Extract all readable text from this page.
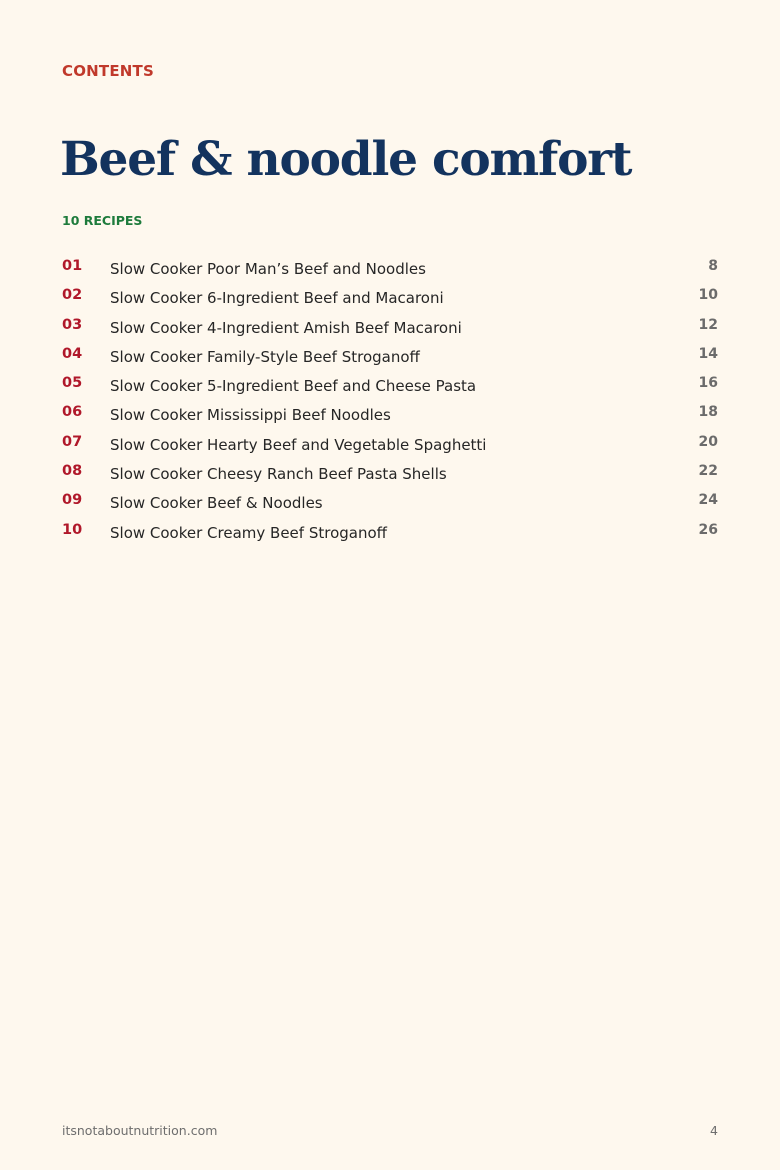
CONTENTS
Beef & noodle comfort
10 RECIPES
01 Slow Cooker Poor Man’s Beef and Noodles	8
02 Slow Cooker 6-Ingredient Beef and Macaroni	10
03 Slow Cooker 4-Ingredient Amish Beef Macaroni	12
04 Slow Cooker Family-Style Beef Stroganoff	14
05 Slow Cooker 5-Ingredient Beef and Cheese Pasta	16
06 Slow Cooker Mississippi Beef Noodles	18
07 Slow Cooker Hearty Beef and Vegetable Spaghetti	20
08 Slow Cooker Cheesy Ranch Beef Pasta Shells	22
09 Slow Cooker Beef & Noodles	24
10 Slow Cooker Creamy Beef Stroganoff	26
itsnotaboutnutrition.com	4
